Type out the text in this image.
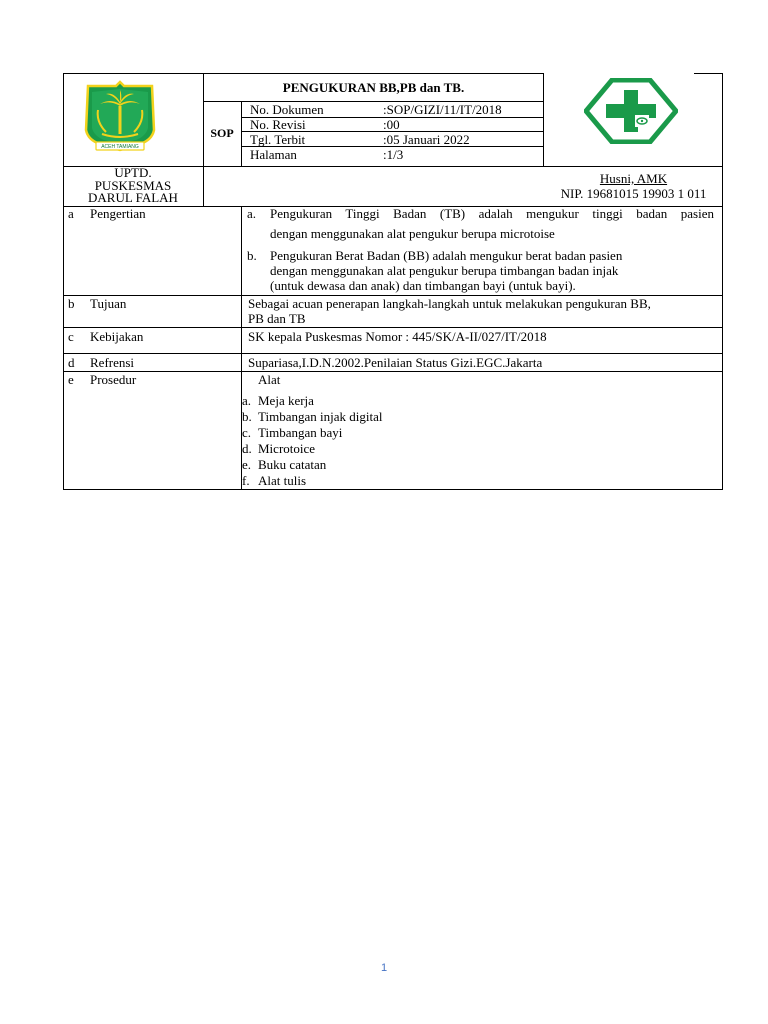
ACEH TAMIANG
PENGUKURAN BB,PB dan TB.
SOP
No. Dokumen	:SOP/GIZI/11/IT/2018
No. Revisi	:00
Tgl. Terbit	:05 Januari 2022
Halaman	:1/3
UPTD.
PUSKESMAS
DARUL FALAH
Husni, AMK
NIP. 19681015 19903 1 011
a Pengertian	a. Pengukuran Tinggi Badan (TB) adalah mengukur tinggi badan pasien
dengan menggunakan alat pengukur berupa microtoise
b. Pengukuran Berat Badan (BB) adalah mengukur berat badan pasien
dengan menggunakan alat pengukur berupa timbangan badan injak
(untuk dewasa dan anak) dan timbangan bayi (untuk bayi).
b Tujuan	Sebagai acuan penerapan langkah-langkah untuk melakukan pengukuran BB,
PB dan TB
c Kebijakan	SK kepala Puskesmas Nomor : 445/SK/A-II/027/IT/2018
d Refrensi	Supariasa,I.D.N.2002.Penilaian Status Gizi.EGC.Jakarta
e Prosedur	Alat
a. Meja kerja
b. Timbangan injak digital
c. Timbangan bayi
d. Microtoice
e. Buku catatan
f. Alat tulis
1
